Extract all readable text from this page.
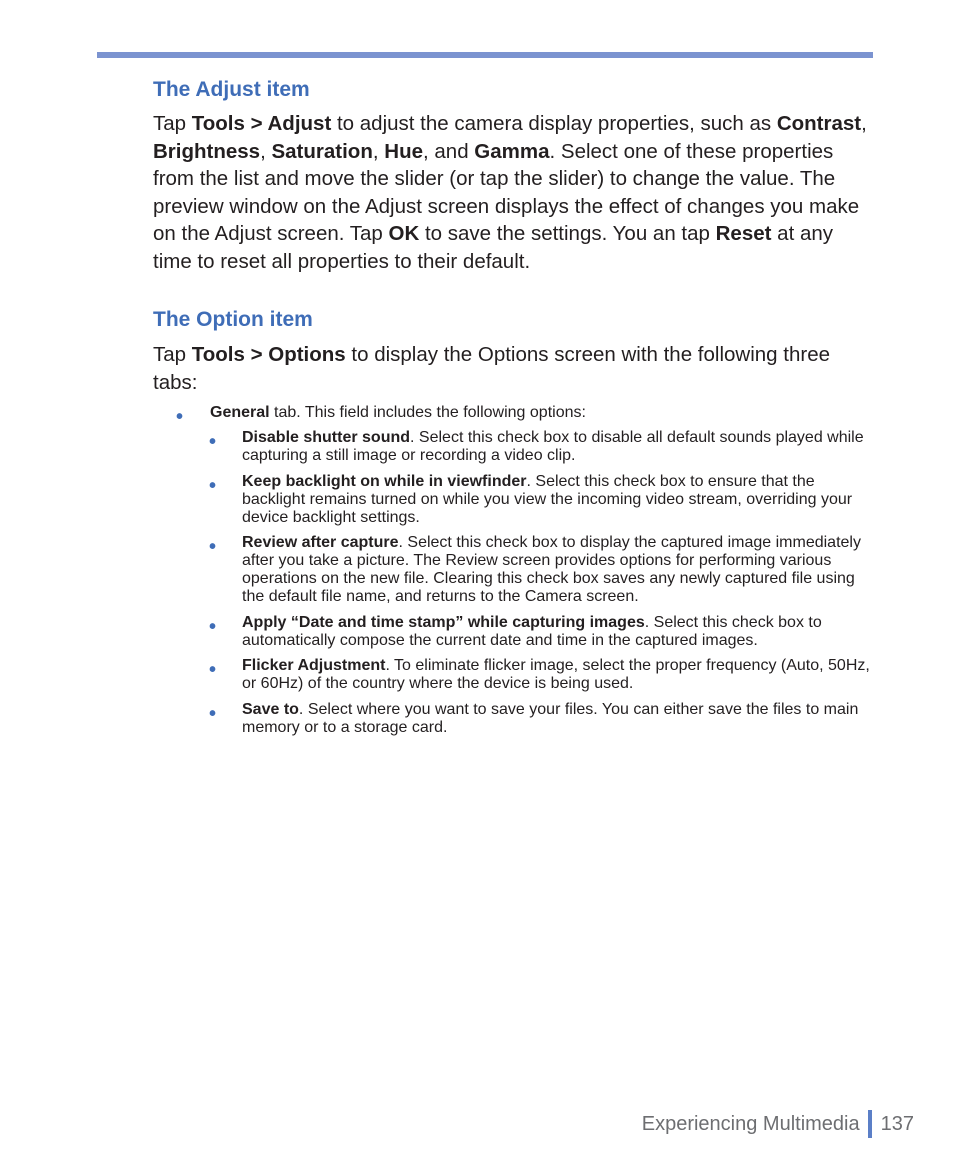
The Adjust item

Tap Tools > Adjust to adjust the camera display properties, such as Contrast, Brightness, Saturation, Hue, and Gamma. Select one of these properties from the list and move the slider (or tap the slider) to change the value. The preview window on the Adjust screen displays the effect of changes you make on the Adjust screen. Tap OK to save the settings. You an tap Reset at any time to reset all properties to their default.

The Option item

Tap Tools > Options to display the Options screen with the following three tabs:

• General tab. This field includes the following options:
• Disable shutter sound. Select this check box to disable all default sounds played while capturing a still image or recording a video clip.
• Keep backlight on while in viewfinder. Select this check box to ensure that the backlight remains turned on while you view the incoming video stream, overriding your device backlight settings.
• Review after capture. Select this check box to display the captured image immediately after you take a picture. The Review screen provides options for performing various operations on the new file. Clearing this check box saves any newly captured file using the default file name, and returns to the Camera screen.
• Apply “Date and time stamp” while capturing images. Select this check box to automatically compose the current date and time in the captured images.
• Flicker Adjustment. To eliminate flicker image, select the proper frequency (Auto, 50Hz, or 60Hz) of the country where the device is being used.
• Save to. Select where you want to save your files. You can either save the files to main memory or to a storage card.
Experiencing Multimedia 137
